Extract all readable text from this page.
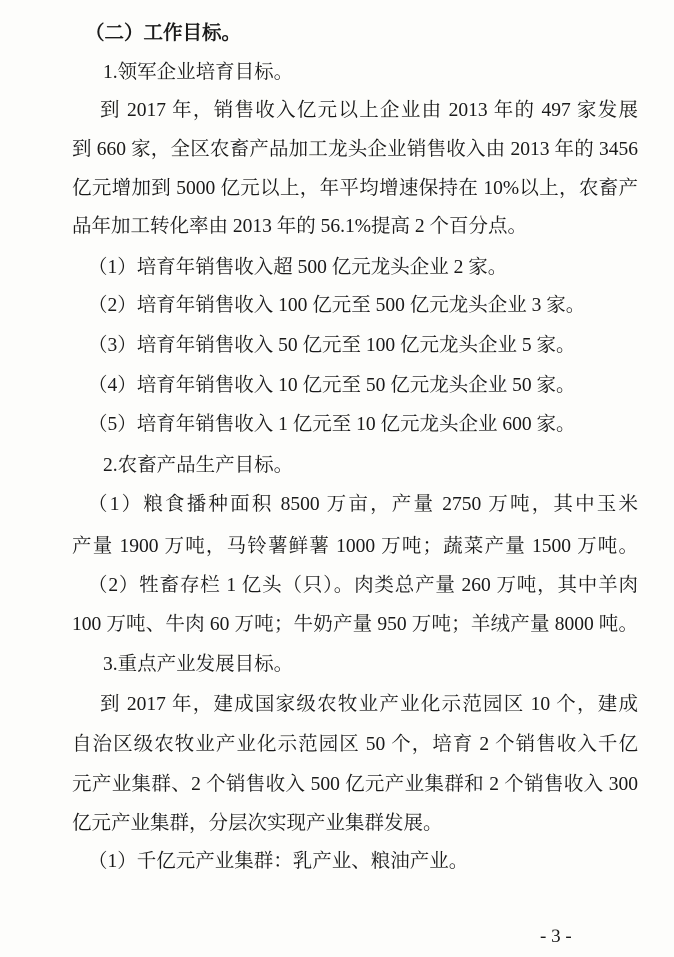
（二）工作目标。
1.领军企业培育目标。
到 2017 年，销售收入亿元以上企业由 2013 年的 497 家发展
到 660 家，全区农畜产品加工龙头企业销售收入由 2013 年的 3456
亿元增加到 5000 亿元以上，年平均增速保持在 10%以上，农畜产
品年加工转化率由 2013 年的 56.1%提高 2 个百分点。
（1）培育年销售收入超 500 亿元龙头企业 2 家。
（2）培育年销售收入 100 亿元至 500 亿元龙头企业 3 家。
（3）培育年销售收入 50 亿元至 100 亿元龙头企业 5 家。
（4）培育年销售收入 10 亿元至 50 亿元龙头企业 50 家。
（5）培育年销售收入 1 亿元至 10 亿元龙头企业 600 家。
2.农畜产品生产目标。
（1）粮食播种面积 8500 万亩，产量 2750 万吨，其中玉米
产量 1900 万吨，马铃薯鲜薯 1000 万吨；蔬菜产量 1500 万吨。
（2）牲畜存栏 1 亿头（只）。肉类总产量 260 万吨，其中羊肉
100 万吨、牛肉 60 万吨；牛奶产量 950 万吨；羊绒产量 8000 吨。
3.重点产业发展目标。
到 2017 年，建成国家级农牧业产业化示范园区 10 个，建成
自治区级农牧业产业化示范园区 50 个，培育 2 个销售收入千亿
元产业集群、2 个销售收入 500 亿元产业集群和 2 个销售收入 300
亿元产业集群，分层次实现产业集群发展。
（1）千亿元产业集群：乳产业、粮油产业。
- 3 -
